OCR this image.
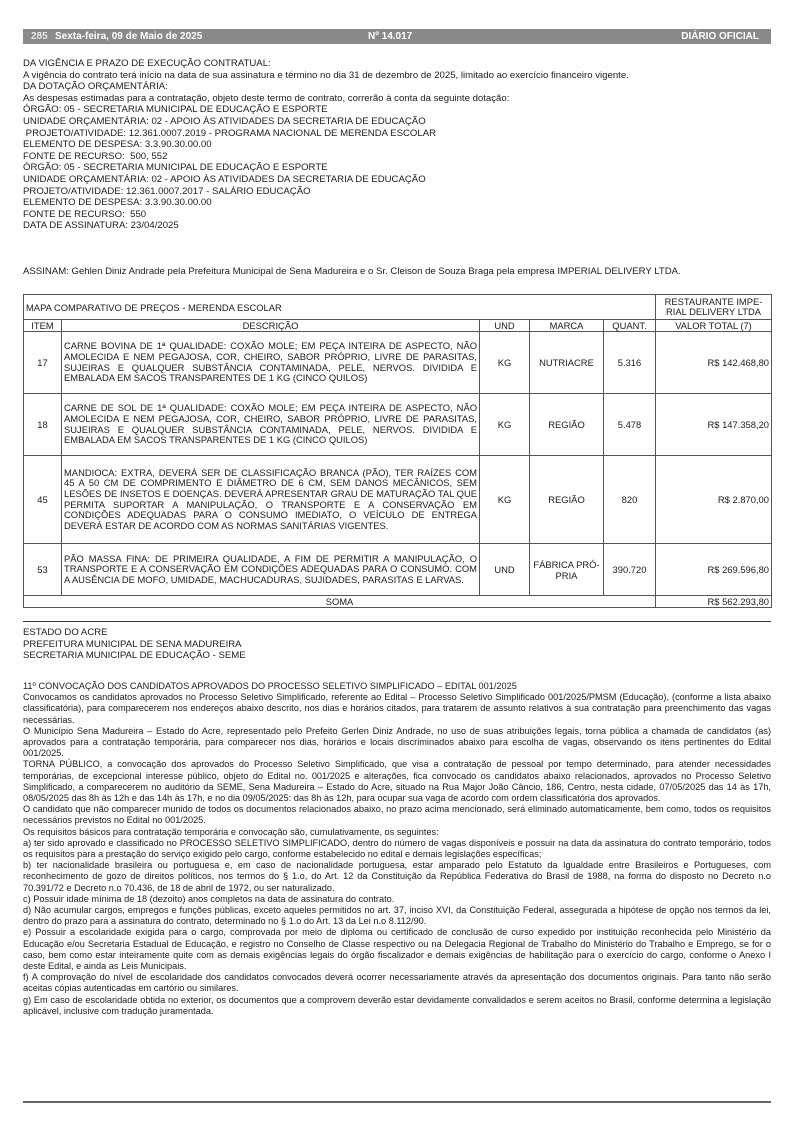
285 Sexta-feira, 09 de Maio de 2025	Nº 14.017	DIÁRIO OFICIAL
DA VIGÊNCIA E PRAZO DE EXECUÇÃO CONTRATUAL:
A vigência do contrato terá início na data de sua assinatura e término no dia 31 de dezembro de 2025, limitado ao exercício financeiro vigente.
DA DOTAÇÃO ORÇAMENTÁRIA:
As despesas estimadas para a contratação, objeto deste termo de contrato, correrão à conta da seguinte dotação:
ÓRGÃO: 05 - SECRETARIA MUNICIPAL DE EDUCAÇÃO E ESPORTE
UNIDADE ORÇAMENTÁRIA: 02 - APOIO ÀS ATIVIDADES DA SECRETARIA DE EDUCAÇÃO
PROJETO/ATIVIDADE: 12.361.0007.2019 - PROGRAMA NACIONAL DE MERENDA ESCOLAR
ELEMENTO DE DESPESA: 3.3.90.30.00.00
FONTE DE RECURSO:  500, 552
ÓRGÃO: 05 - SECRETARIA MUNICIPAL DE EDUCAÇÃO E ESPORTE
UNIDADE ORÇAMENTÁRIA: 02 - APOIO ÀS ATIVIDADES DA SECRETARIA DE EDUCAÇÃO
PROJETO/ATIVIDADE: 12.361.0007.2017 - SALÁRIO EDUCAÇÃO
ELEMENTO DE DESPESA: 3.3.90.30.00.00
FONTE DE RECURSO:  550
DATA DE ASSINATURA: 23/04/2025
ASSINAM: Gehlen Diniz Andrade pela Prefeitura Municipal de Sena Madureira e o Sr. Cleison de Souza Braga pela empresa IMPERIAL DELIVERY LTDA.
MAPA COMPARATIVO DE PREÇOS - MERENDA ESCOLAR					RESTAURANTE IMPE-RIAL DELIVERY LTDA
ITEM	DESCRIÇÃO	UND	MARCA	QUANT.	VALOR TOTAL (7)
17	CARNE BOVINA DE 1ª QUALIDADE: COXÃO MOLE; EM PEÇA INTEIRA DE ASPECTO, NÃO AMOLECIDA E NEM PEGAJOSA, COR, CHEIRO, SABOR PRÓPRIO, LIVRE DE PARASITAS, SUJEIRAS E QUALQUER SUBSTÂNCIA CONTAMINADA, PELE, NERVOS. DIVIDIDA E EMBALADA EM SACOS TRANSPARENTES DE 1 KG (CINCO QUILOS)	KG	NUTRIACRE	5.316	R$ 142.468,80
18	CARNE DE SOL DE 1ª QUALIDADE: COXÃO MOLE; EM PEÇA INTEIRA DE ASPECTO, NÃO AMOLECIDA E NEM PEGAJOSA, COR, CHEIRO, SABOR PRÓPRIO, LIVRE DE PARASITAS, SUJEIRAS E QUALQUER SUBSTÂNCIA CONTAMINADA, PELE, NERVOS. DIVIDIDA E EMBALADA EM SACOS TRANSPARENTES DE 1 KG (CINCO QUILOS)	KG	REGIÃO	5.478	R$ 147.358,20
45	MANDIOCA: EXTRA, DEVERÁ SER DE CLASSIFICAÇÃO BRANCA (PÃO), TER RAÍZES COM 45 A 50 CM DE COMPRIMENTO E DIÂMETRO DE 6 CM, SEM DANOS MECÂNICOS, SEM LESÕES DE INSETOS E DOENÇAS. DEVERÁ APRESENTAR GRAU DE MATURAÇÃO TAL QUE PERMITA SUPORTAR A MANIPULAÇÃO, O TRANSPORTE E A CONSERVAÇÃO EM CONDIÇÕES ADEQUADAS PARA O CONSUMO IMEDIATO, O VEÍCULO DE ENTREGA DEVERÁ ESTAR DE ACORDO COM AS NORMAS SANITÁRIAS VIGENTES.	KG	REGIÃO	820	R$ 2.870,00
53	PÃO MASSA FINA: DE PRIMEIRA QUALIDADE, A FIM DE PERMITIR A MANIPULAÇÃO, O TRANSPORTE E A CONSERVAÇÃO EM CONDIÇÕES ADEQUADAS PARA O CONSUMO. COM A AUSÊNCIA DE MOFO, UMIDADE, MACHUCADURAS, SUJIDADES, PARASITAS E LARVAS.	UND	FÁBRICA PRÓ-PRIA	390.720	R$ 269.596,80
SOMA					R$ 562.293,80
ESTADO DO ACRE
PREFEITURA MUNICIPAL DE SENA MADUREIRA
SECRETARIA MUNICIPAL DE EDUCAÇÃO - SEME

11º CONVOCAÇÃO DOS CANDIDATOS APROVADOS DO PROCESSO SELETIVO SIMPLIFICADO – EDITAL 001/2025

Convocamos os candidatos aprovados no Processo Seletivo Simplificado, referente ao Edital – Processo Seletivo Simplificado 001/2025/PMSM (Educação), (conforme a lista abaixo classificatória), para comparecerem nos endereços abaixo descrito, nos dias e horários citados, para tratarem de assunto relativos à sua contratação para preenchimento das vagas necessárias.

O Município Sena Madureira – Estado do Acre, representado pelo Prefeito Gerlen Diniz Andrade, no uso de suas atribuições legais, torna pública a chamada de candidatos (as) aprovados para a contratação temporária, para comparecer nos dias, horários e locais discriminados abaixo para escolha de vagas, observando os itens pertinentes do Edital 001/2025.

TORNA PÚBLICO, a convocação dos aprovados do Processo Seletivo Simplificado, que visa a contratação de pessoal por tempo determinado, para atender necessidades temporárias, de excepcional interesse público, objeto do Edital no. 001/2025 e alterações, fica convocado os candidatos abaixo relacionados, aprovados no Processo Seletivo Simplificado, a comparecerem no auditório da SEME, Sena Madureira – Estado do Acre, situado na Rua Major João Câncio, 186, Centro, nesta cidade, 07/05/2025 das 14 às 17h, 08/05/2025 das 8h às 12h e das 14h às 17h, e no dia 09/05/2025: das 8h às 12h, para ocupar sua vaga de acordo com ordem classificatória dos aprovados.

O candidato que não comparecer munido de todos os documentos relacionados abaixo, no prazo acima mencionado, será eliminado automaticamente, bem como, todos os requisitos necessários previstos no Edital no 001/2025.

Os requisitos básicos para contratação temporária e convocação são, cumulativamente, os seguintes:

a) ter sido aprovado e classificado no PROCESSO SELETIVO SIMPLIFICADO, dentro do número de vagas disponíveis e possuir na data da assinatura do contrato temporário, todos os requisitos para a prestação do serviço exigido pelo cargo, conforme estabelecido no edital e demais legislações específicas;

b) ter nacionalidade brasileira ou portuguesa e, em caso de nacionalidade portuguesa, estar amparado pelo Estatuto da Igualdade entre Brasileiros e Portugueses, com reconhecimento de gozo de direitos políticos, nos termos do § 1.o, do Art. 12 da Constituição da República Federativa do Brasil de 1988, na forma do disposto no Decreto n.o 70.391/72 e Decreto n.o 70.436, de 18 de abril de 1972, ou ser naturalizado.

c) Possuir idade mínima de 18 (dezoito) anos completos na data de assinatura do contrato.

d) Não acumular cargos, empregos e funções públicas, exceto aqueles permitidos no art. 37, inciso XVI, da Constituição Federal, assegurada a hipótese de opção nos termos da lei, dentro do prazo para a assinatura do contrato, determinado no § 1.o do Art. 13 da Lei n.o 8.112/90.

e) Possuir a escolaridade exigida para o cargo, comprovada por meio de diploma ou certificado de conclusão de curso expedido por instituição reconhecida pelo Ministério da Educação e/ou Secretaria Estadual de Educação, e registro no Conselho de Classe respectivo ou na Delegacia Regional de Trabalho do Ministério do Trabalho e Emprego, se for o caso, bem como estar inteiramente quite com as demais exigências legais do órgão fiscalizador e demais exigências de habilitação para o exercício do cargo, conforme o Anexo I deste Edital, e ainda as Leis Municipais.

f) A comprovação do nível de escolaridade dos candidatos convocados deverá ocorrer necessariamente através da apresentação dos documentos originais. Para tanto não serão aceitas cópias autenticadas em cartório ou similares.

g) Em caso de escolaridade obtida no exterior, os documentos que a comprovem deverão estar devidamente convalidados e serem aceitos no Brasil, conforme determina a legislação aplicável, inclusive com tradução juramentada.
